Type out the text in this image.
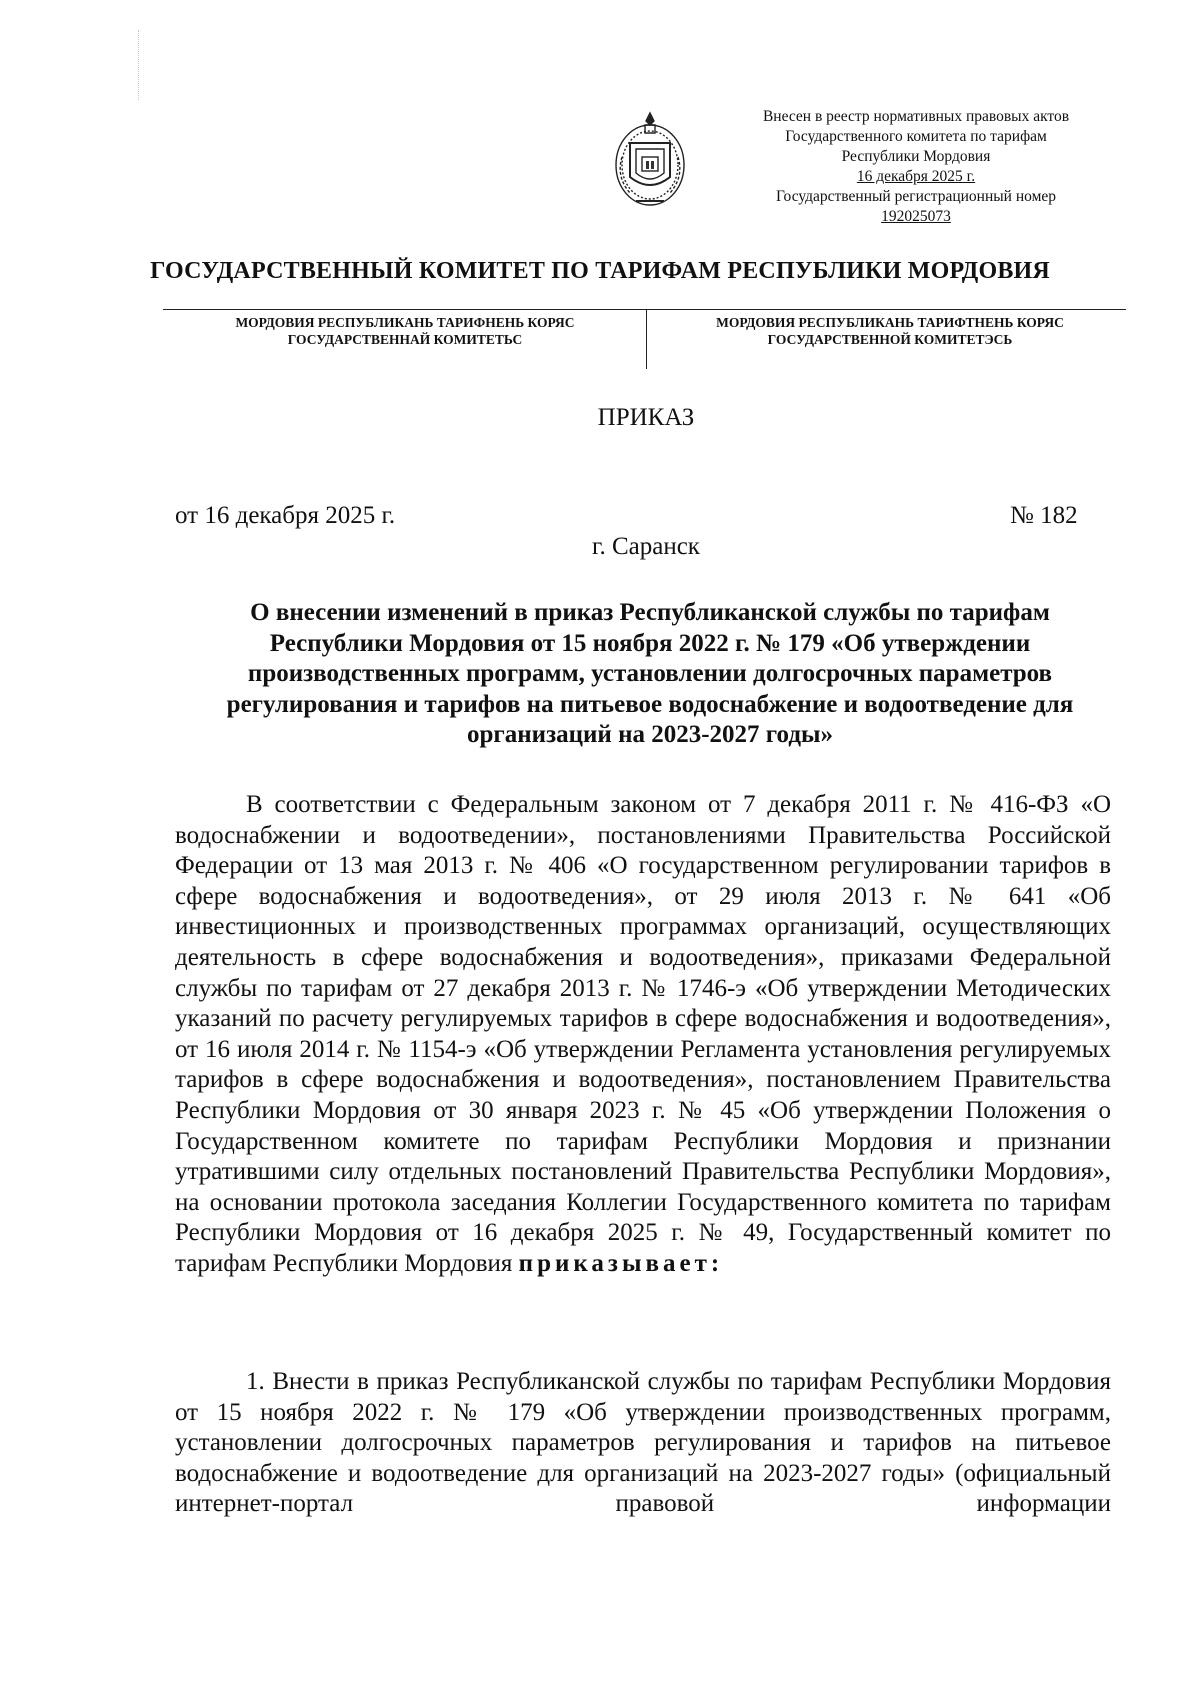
Внесен в реестр нормативных правовых актов
Государственного комитета по тарифам
Республики Мордовия
16 декабря 2025 г.
Государственный регистрационный номер
192025073
ГОСУДАРСТВЕННЫЙ КОМИТЕТ ПО ТАРИФАМ РЕСПУБЛИКИ МОРДОВИЯ
МОРДОВИЯ РЕСПУБЛИКАНЬ ТАРИФНЕНЬ КОРЯС
ГОСУДАРСТВЕННАЙ КОМИТЕТЬС
МОРДОВИЯ РЕСПУБЛИКАНЬ ТАРИФТНЕНЬ КОРЯС
ГОСУДАРСТВЕННОЙ КОМИТЕТЭСЬ
ПРИКАЗ
от 16 декабря 2025 г.	№ 182
г. Саранск
О внесении изменений в приказ Республиканской службы по тарифам Республики Мордовия от 15 ноября 2022 г. № 179 «Об утверждении производственных программ, установлении долгосрочных параметров регулирования и тарифов на питьевое водоснабжение и водоотведение для организаций на 2023-2027 годы»
В соответствии с Федеральным законом от 7 декабря 2011 г. № 416-ФЗ «О водоснабжении и водоотведении», постановлениями Правительства Российской Федерации от 13 мая 2013 г. № 406 «О государственном регулировании тарифов в сфере водоснабжения и водоотведения», от 29 июля 2013 г. № 641 «Об инвестиционных и производственных программах организаций, осуществляющих деятельность в сфере водоснабжения и водоотведения», приказами Федеральной службы по тарифам от 27 декабря 2013 г. № 1746-э «Об утверждении Методических указаний по расчету регулируемых тарифов в сфере водоснабжения и водоотведения», от 16 июля 2014 г. № 1154-э «Об утверждении Регламента установления регулируемых тарифов в сфере водоснабжения и водоотведения», постановлением Правительства Республики Мордовия от 30 января 2023 г. № 45 «Об утверждении Положения о Государственном комитете по тарифам Республики Мордовия и признании утратившими силу отдельных постановлений Правительства Республики Мордовия», на основании протокола заседания Коллегии Государственного комитета по тарифам Республики Мордовия от 16 декабря 2025 г. № 49, Государственный комитет по тарифам Республики Мордовия приказывает:
1. Внести в приказ Республиканской службы по тарифам Республики Мордовия от 15 ноября 2022 г. № 179 «Об утверждении производственных программ, установлении долгосрочных параметров регулирования и тарифов на питьевое водоснабжение и водоотведение для организаций на 2023-2027 годы» (официальный интернет-портал правовой информации
